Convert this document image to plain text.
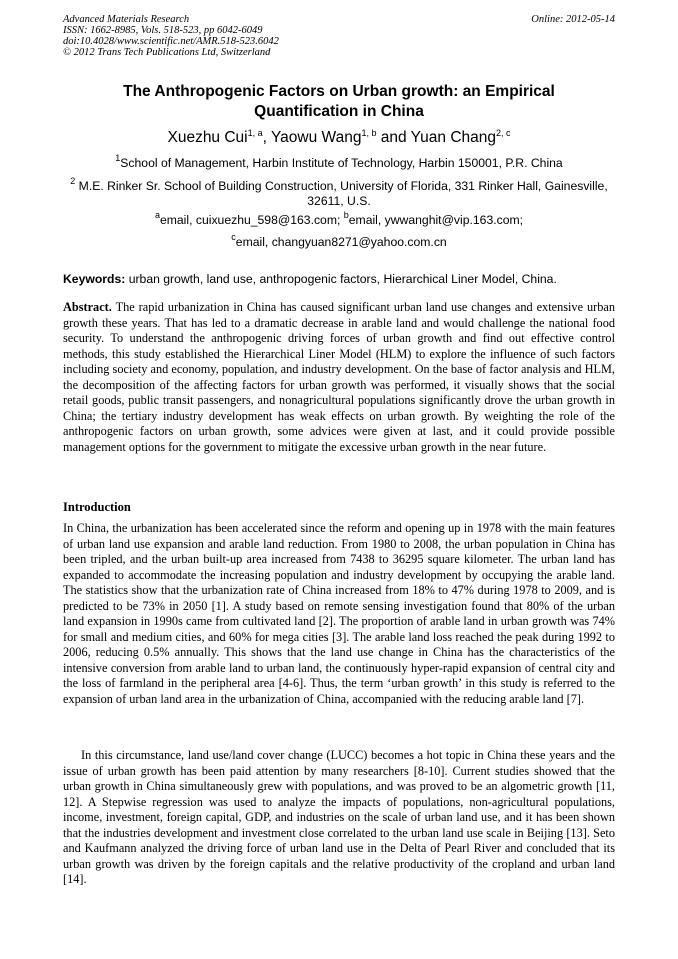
Advanced Materials Research
ISSN: 1662-8985, Vols. 518-523, pp 6042-6049
doi:10.4028/www.scientific.net/AMR.518-523.6042
© 2012 Trans Tech Publications Ltd, Switzerland
Online: 2012-05-14
The Anthropogenic Factors on Urban growth: an Empirical
Quantification in China
Xuezhu Cui$^{1, a}$, Yaowu Wang$^{1, b}$ and Yuan Chang$^{2, c}$
$^1$School of Management, Harbin Institute of Technology, Harbin 150001, P.R. China
$^2$ M.E. Rinker Sr. School of Building Construction, University of Florida, 331 Rinker Hall, Gainesville, 32611, U.S.
$^a$email, cuixuezhu_598@163.com; $^b$email, ywwanghit@vip.163.com;
$^c$email, changyuan8271@yahoo.com.cn
Keywords: urban growth, land use, anthropogenic factors, Hierarchical Liner Model, China.
Abstract. The rapid urbanization in China has caused significant urban land use changes and extensive urban growth these years. That has led to a dramatic decrease in arable land and would challenge the national food security. To understand the anthropogenic driving forces of urban growth and find out effective control methods, this study established the Hierarchical Liner Model (HLM) to explore the influence of such factors including society and economy, population, and industry development. On the base of factor analysis and HLM, the decomposition of the affecting factors for urban growth was performed, it visually shows that the social retail goods, public transit passengers, and nonagricultural populations significantly drove the urban growth in China; the tertiary industry development has weak effects on urban growth. By weighting the role of the anthropogenic factors on urban growth, some advices were given at last, and it could provide possible management options for the government to mitigate the excessive urban growth in the near future.
Introduction
In China, the urbanization has been accelerated since the reform and opening up in 1978 with the main features of urban land use expansion and arable land reduction. From 1980 to 2008, the urban population in China has been tripled, and the urban built-up area increased from 7438 to 36295 square kilometer. The urban land has expanded to accommodate the increasing population and industry development by occupying the arable land. The statistics show that the urbanization rate of China increased from 18% to 47% during 1978 to 2009, and is predicted to be 73% in 2050 [1]. A study based on remote sensing investigation found that 80% of the urban land expansion in 1990s came from cultivated land [2]. The proportion of arable land in urban growth was 74% for small and medium cities, and 60% for mega cities [3]. The arable land loss reached the peak during 1992 to 2006, reducing 0.5% annually. This shows that the land use change in China has the characteristics of the intensive conversion from arable land to urban land, the continuously hyper-rapid expansion of central city and the loss of farmland in the peripheral area [4-6]. Thus, the term ‘urban growth’ in this study is referred to the expansion of urban land area in the urbanization of China, accompanied with the reducing arable land [7].
In this circumstance, land use/land cover change (LUCC) becomes a hot topic in China these years and the issue of urban growth has been paid attention by many researchers [8-10]. Current studies showed that the urban growth in China simultaneously grew with populations, and was proved to be an algometric growth [11, 12]. A Stepwise regression was used to analyze the impacts of populations, non-agricultural populations, income, investment, foreign capital, GDP, and industries on the scale of urban land use, and it has been shown that the industries development and investment close correlated to the urban land use scale in Beijing [13]. Seto and Kaufmann analyzed the driving force of urban land use in the Delta of Pearl River and concluded that its urban growth was driven by the foreign capitals and the relative productivity of the cropland and urban land [14].
